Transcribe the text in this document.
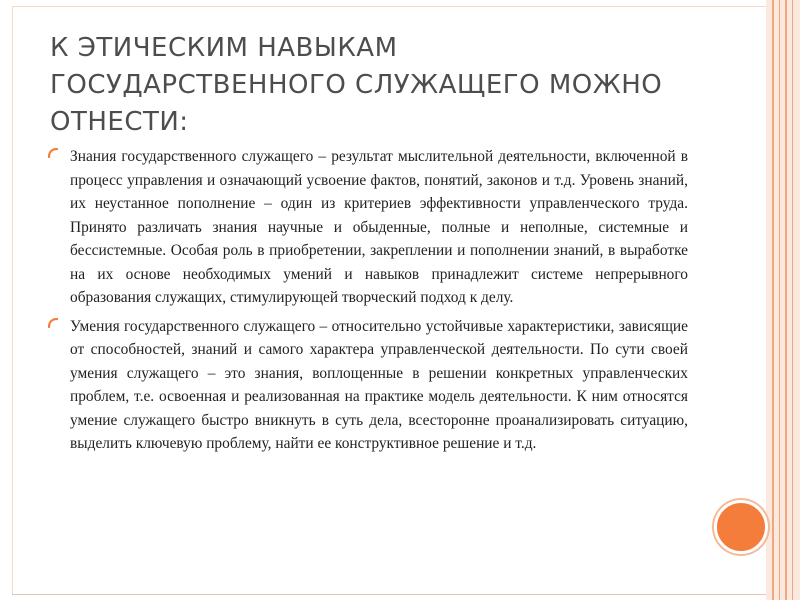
К ЭТИЧЕСКИМ НАВЫКАМ ГОСУДАРСТВЕННОГО СЛУЖАЩЕГО МОЖНО ОТНЕСТИ:
Знания государственного служащего – результат мыслительной деятельности, включенной в процесс управления и означающий усвоение фактов, понятий, законов и т.д. Уровень знаний, их неустанное пополнение – один из критериев эффективности управленческого труда. Принято различать знания научные и обыденные, полные и неполные, системные и бессистемные. Особая роль в приобретении, закреплении и пополнении знаний, в выработке на их основе необходимых умений и навыков принадлежит системе непрерывного образования служащих, стимулирующей творческий подход к делу.
Умения государственного служащего – относительно устойчивые характеристики, зависящие от способностей, знаний и самого характера управленческой деятельности. По сути своей умения служащего – это знания, воплощенные в решении конкретных управленческих проблем, т.е. освоенная и реализованная на практике модель деятельности. К ним относятся умение служащего быстро вникнуть в суть дела, всесторонне проанализировать ситуацию, выделить ключевую проблему, найти ее конструктивное решение и т.д.
